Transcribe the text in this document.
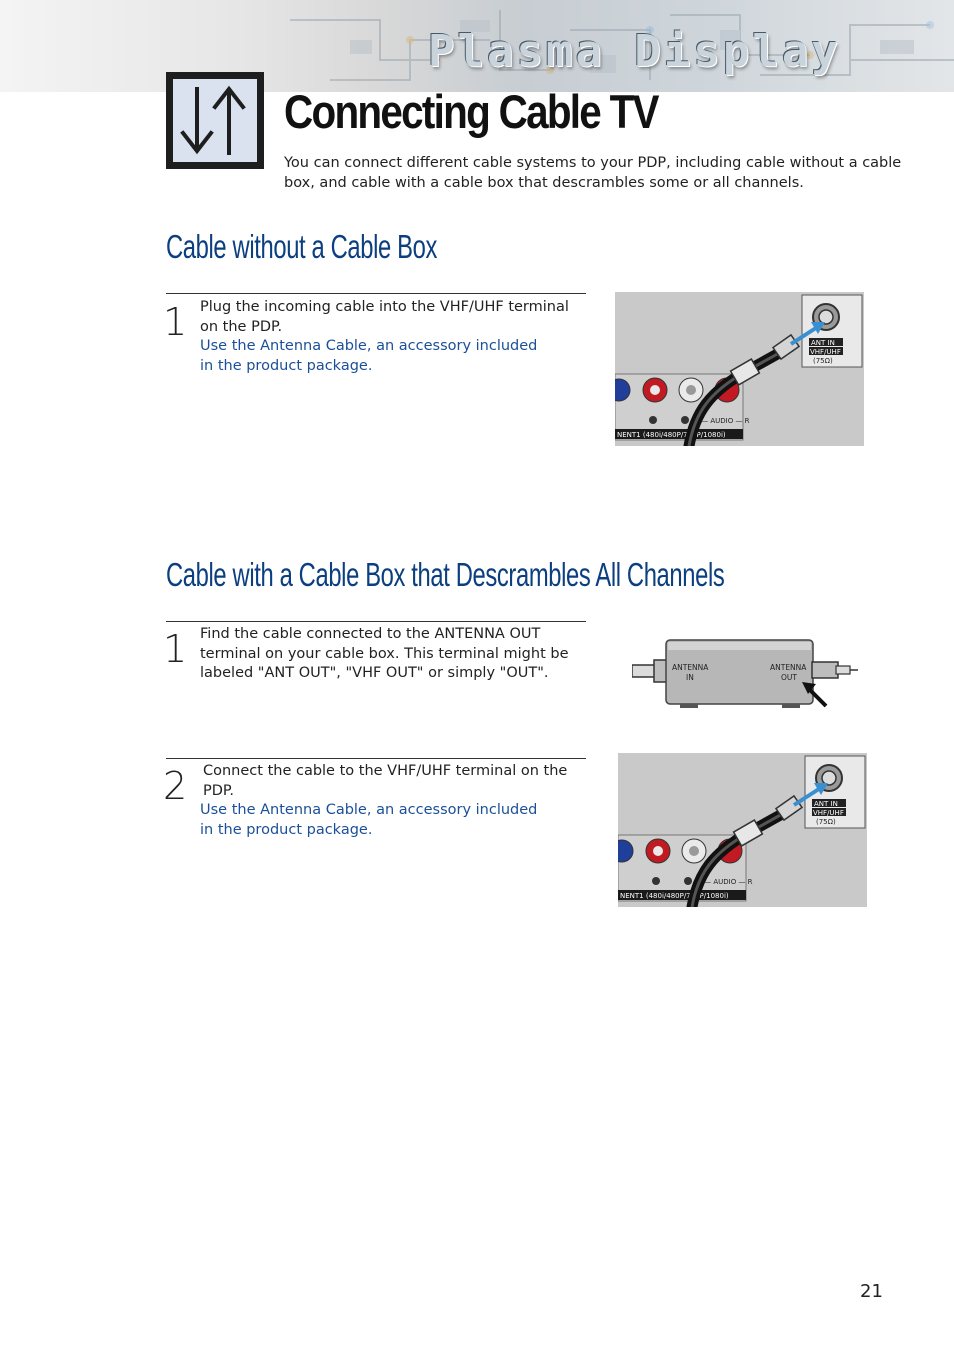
Plasma Display
Connecting Cable TV
You can connect different cable systems to your PDP, including cable without a cable box, and cable with a cable box that descrambles some or all channels.
Cable without a Cable Box
1 Plug the incoming cable into the VHF/UHF terminal on the PDP.
Use the Antenna Cable, an accessory included
in the product package.
ANT IN
VHF/UHF
(75Ω)
L — AUDIO — R
NENT1 (480i/480P/720P/1080i)
Cable with a Cable Box that Descrambles All Channels
1 Find the cable connected to the ANTENNA OUT terminal on your cable box. This terminal might be labeled "ANT OUT", "VHF OUT" or simply "OUT".	ANTENNA
IN
ANTENNA
OUT
2 Connect the cable to the VHF/UHF terminal on the PDP.
Use the Antenna Cable, an accessory included
in the product package.
ANT IN
VHF/UHF
(75Ω)
L — AUDIO — R
NENT1 (480i/480P/720P/1080i)
21
